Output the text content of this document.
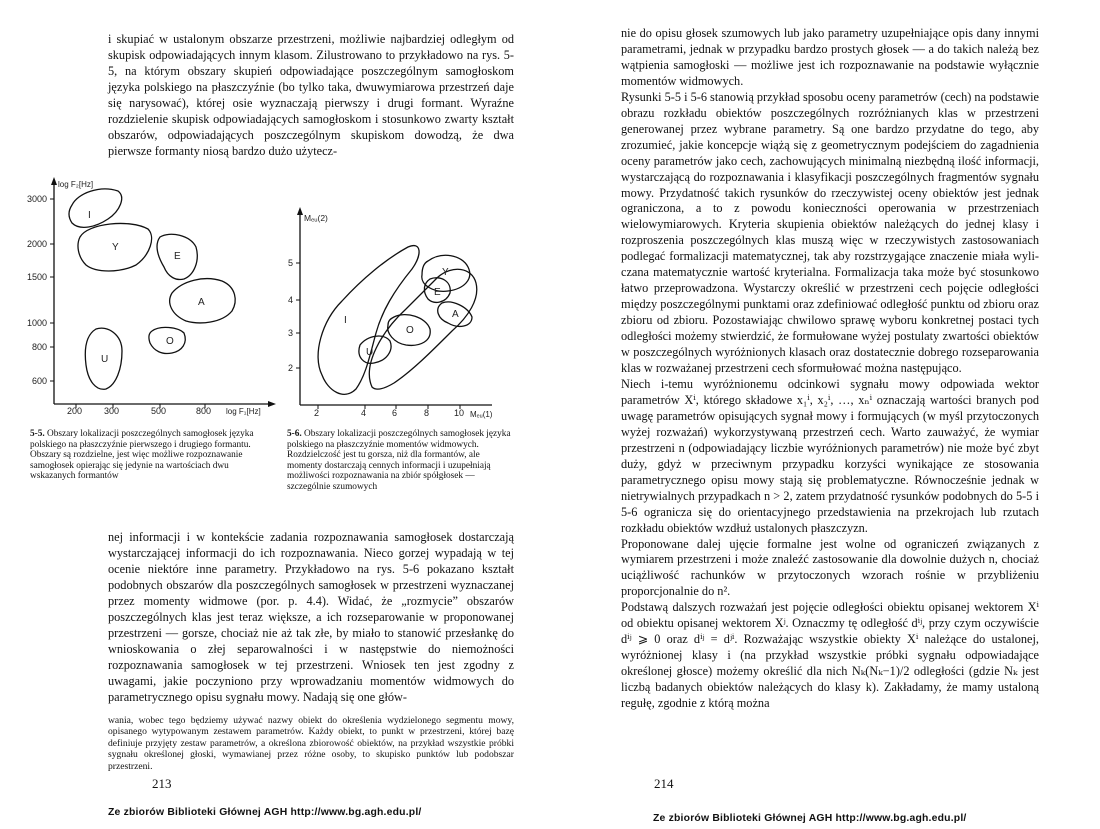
i skupiać w ustalonym obszarze przestrzeni, możliwie najbardziej odległym od skupisk odpowiadających innym klasom. Zilustrowano to przykładowo na rys. 5-5, na którym obszary skupień odpowiadające poszczególnym samogłoskom języka polskiego na płaszczyźnie (bo tylko taka, dwuwymiarowa przestrzeń daje się narysować), której osie wyznaczają pierwszy i drugi formant. Wyraźne rozdzielenie skupisk odpowiadających samogłoskom i stosunkowo zwarty kształt obszarów, odpowiadających poszczególnym skupiskom dowodzą, że dwa pierwsze formanty niosą bardzo dużo użytecz-

log F₂[Hz]
log F₁[Hz]
3000
2000
1500
1000
800
600
200 300	500	800
I
Y
E
A
O
U
Mₑᵤ(2)
Mₑᵤ(1)
5
4
3
2
2	4	6	8	10
I
Y
E
A
O
U

5-5. Obszary lokalizacji poszczególnych samogłosek języka polskiego na płaszczyźnie pierwszego i drugiego formantu. Obszary są rozdzielne, jest więc możliwe rozpoznawanie samogłosek opierając się jedynie na wartościach dwu wskazanych formantów

5-6. Obszary lokalizacji poszczególnych samogłosek języka polskiego na płaszczyźnie momentów widmowych. Rozdzielczość jest tu gorsza, niż dla formantów, ale momenty dostarczają cennych informacji i uzupełniają możliwości rozpoznawania na zbiór spółgłosek — szczególnie szumowych

nej informacji i w kontekście zadania rozpoznawania samogłosek dostarczają wystarczającej informacji do ich rozpoznawania. Nieco gorzej wypadają w tej ocenie niektóre inne parametry. Przykładowo na rys. 5-6 pokazano kształt podobnych obszarów dla poszczególnych samogłosek w przestrzeni wyznaczanej przez momenty widmowe (por. p. 4.4). Widać, że „rozmycie” obszarów poszczególnych klas jest teraz większe, a ich rozseparowanie w proponowanej przestrzeni — gorsze, chociaż nie aż tak złe, by miało to stanowić przesłankę do wnioskowania o złej separowalności i w następstwie do niemożności rozpoznawania samogłosek w tej przestrzeni. Wniosek ten jest zgodny z uwagami, jakie poczyniono przy wprowadzaniu momentów widmowych do parametrycznego opisu sygnału mowy. Nadają się one głów-

wania, wobec tego będziemy używać nazwy obiekt do określenia wydzielonego segmentu mowy, opisanego wytypowanym zestawem parametrów. Każdy obiekt, to punkt w przestrzeni, której bazę definiuje przyjęty zestaw parametrów, a określona zbiorowość obiektów, na przykład wszystkie próbki sygnału określonej głoski, wymawianej przez różne osoby, to skupisko punktów lub podobszar przestrzeni.

213
Ze zbiorów Biblioteki Głównej AGH http://www.bg.agh.edu.pl/

nie do opisu głosek szumowych lub jako parametry uzupełniające opis dany innymi parametrami, jednak w przypadku bardzo prostych głosek — a do takich należą bez wątpienia samogłoski — możliwe jest ich rozpoznawanie na podstawie wyłącznie momentów widmowych.

Rysunki 5-5 i 5-6 stanowią przykład sposobu oceny parametrów (cech) na podstawie obrazu rozkładu obiektów poszczególnych rozróżnianych klas w przestrzeni generowanej przez wybrane parametry. Są one bardzo przydatne do tego, aby zrozumieć, jakie koncepcje wiążą się z geometrycznym podejściem do zagadnienia oceny parametrów jako cech, zachowujących minimalną niezbędną ilość informacji, wystarczającą do rozpoznawania i klasyfikacji poszczególnych fragmentów sygnału mowy. Przydatność takich rysunków do rzeczywistej oceny obiektów jest jednak ograniczona, a to z powodu konieczności operowania w przestrzeniach wielowymiarowych. Kryteria skupienia obiektów należących do jednej klasy i rozproszenia poszczególnych klas muszą więc w rzeczywistych zastosowaniach podlegać formalizacji matematycznej, tak aby rozstrzygające znaczenie miała wyliczana matematycznie wartość kryterialna. Formalizacja taka może być stosunkowo łatwo przeprowadzona. Wystarczy określić w przestrzeni cech pojęcie odległości między poszczególnymi punktami oraz zdefiniować odległość punktu od zbioru oraz zbioru od zbioru. Pozostawiając chwilowo sprawę wyboru konkretnej postaci tych odległości możemy stwierdzić, że formułowane wyżej postulaty zwartości obiektów w poszczególnych wyróżnionych klasach oraz dostatecznie dobrego rozseparowania klas w rozważanej przestrzeni cech sformułować można następująco.

Niech i-temu wyróżnionemu odcinkowi sygnału mowy odpowiada wektor parametrów Xⁱ, którego składowe x₁ⁱ, x₂ⁱ, …, xₙⁱ oznaczają wartości branych pod uwagę parametrów opisujących sygnał mowy i formujących (w myśl przytoczonych wyżej rozważań) wykorzystywaną przestrzeń cech. Warto zauważyć, że wymiar przestrzeni n (odpowiadający liczbie wyróżnionych parametrów) nie może być zbyt duży, gdyż w przeciwnym przypadku korzyści wynikające ze stosowania parametrycznego opisu mowy stają się problematyczne. Równocześnie jednak w nietrywialnych przypadkach n > 2, zatem przydatność rysunków podobnych do 5-5 i 5-6 ogranicza się do orientacyjnego przedstawienia na przekrojach lub rzutach rozkładu obiektów wzdłuż ustalonych płaszczyzn.

Proponowane dalej ujęcie formalne jest wolne od ograniczeń związanych z wymiarem przestrzeni i może znaleźć zastosowanie dla dowolnie dużych n, chociaż uciążliwość rachunków w przytoczonych wzorach rośnie w przybliżeniu proporcjonalnie do n².

Podstawą dalszych rozważań jest pojęcie odległości obiektu opisanej wektorem Xⁱ od obiektu opisanej wektorem Xʲ. Oznaczmy tę odległość dⁱʲ, przy czym oczywiście dⁱʲ ⩾ 0 oraz dⁱʲ = dʲⁱ. Rozważając wszystkie obiekty Xⁱ należące do ustalonej, wyróżnionej klasy i (na przykład wszystkie próbki sygnału odpowiadające określonej głosce) możemy określić dla nich Nₖ(Nₖ−1)/2 odległości (gdzie Nₖ jest liczbą badanych obiektów należących do klasy k). Zakładamy, że mamy ustaloną regułę, zgodnie z którą można

214
Ze zbiorów Biblioteki Głównej AGH http://www.bg.agh.edu.pl/
